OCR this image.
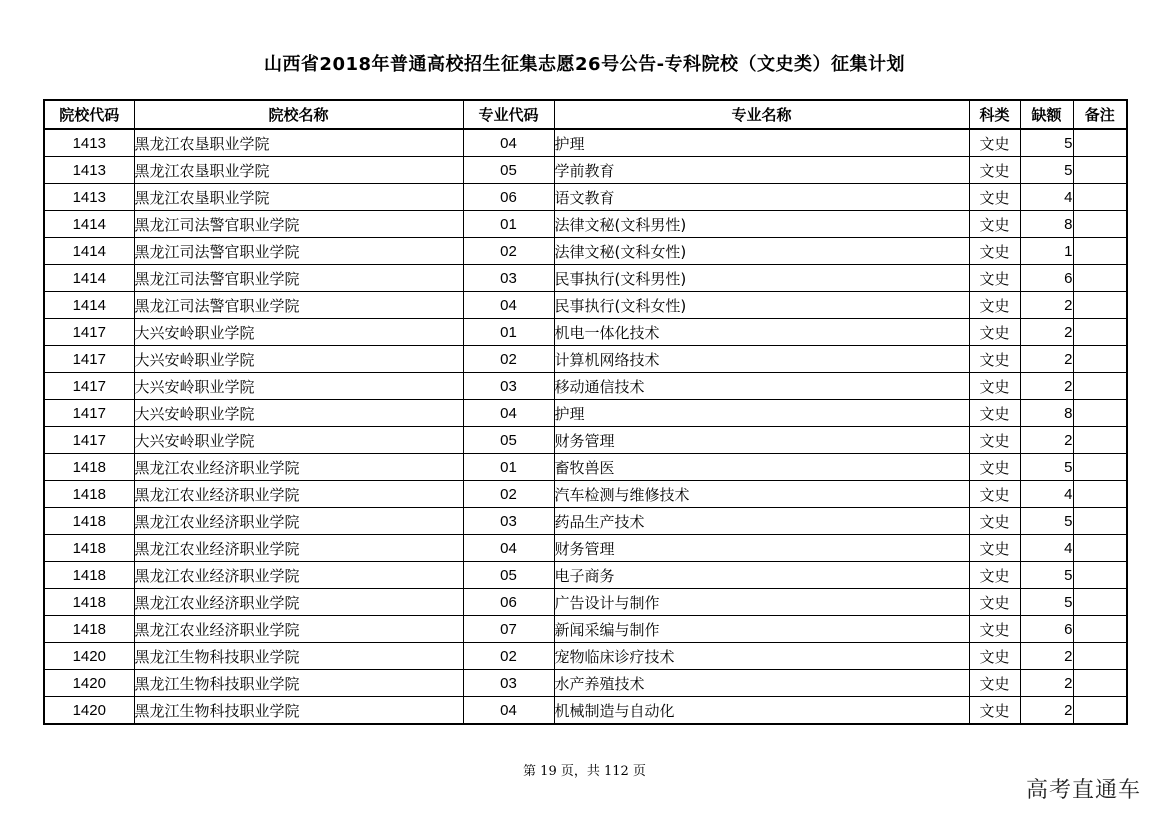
山西省2018年普通高校招生征集志愿26号公告-专科院校（文史类）征集计划
院校代码	院校名称	专业代码	专业名称	科类	缺额	备注
1413	黑龙江农垦职业学院	04	护理	文史	5	
1413	黑龙江农垦职业学院	05	学前教育	文史	5	
1413	黑龙江农垦职业学院	06	语文教育	文史	4	
1414	黑龙江司法警官职业学院	01	法律文秘(文科男性)	文史	8	
1414	黑龙江司法警官职业学院	02	法律文秘(文科女性)	文史	1	
1414	黑龙江司法警官职业学院	03	民事执行(文科男性)	文史	6	
1414	黑龙江司法警官职业学院	04	民事执行(文科女性)	文史	2	
1417	大兴安岭职业学院	01	机电一体化技术	文史	2	
1417	大兴安岭职业学院	02	计算机网络技术	文史	2	
1417	大兴安岭职业学院	03	移动通信技术	文史	2	
1417	大兴安岭职业学院	04	护理	文史	8	
1417	大兴安岭职业学院	05	财务管理	文史	2	
1418	黑龙江农业经济职业学院	01	畜牧兽医	文史	5	
1418	黑龙江农业经济职业学院	02	汽车检测与维修技术	文史	4	
1418	黑龙江农业经济职业学院	03	药品生产技术	文史	5	
1418	黑龙江农业经济职业学院	04	财务管理	文史	4	
1418	黑龙江农业经济职业学院	05	电子商务	文史	5	
1418	黑龙江农业经济职业学院	06	广告设计与制作	文史	5	
1418	黑龙江农业经济职业学院	07	新闻采编与制作	文史	6	
1420	黑龙江生物科技职业学院	02	宠物临床诊疗技术	文史	2	
1420	黑龙江生物科技职业学院	03	水产养殖技术	文史	2	
1420	黑龙江生物科技职业学院	04	机械制造与自动化	文史	2	
第 19 页，共 112 页
高考直通车
